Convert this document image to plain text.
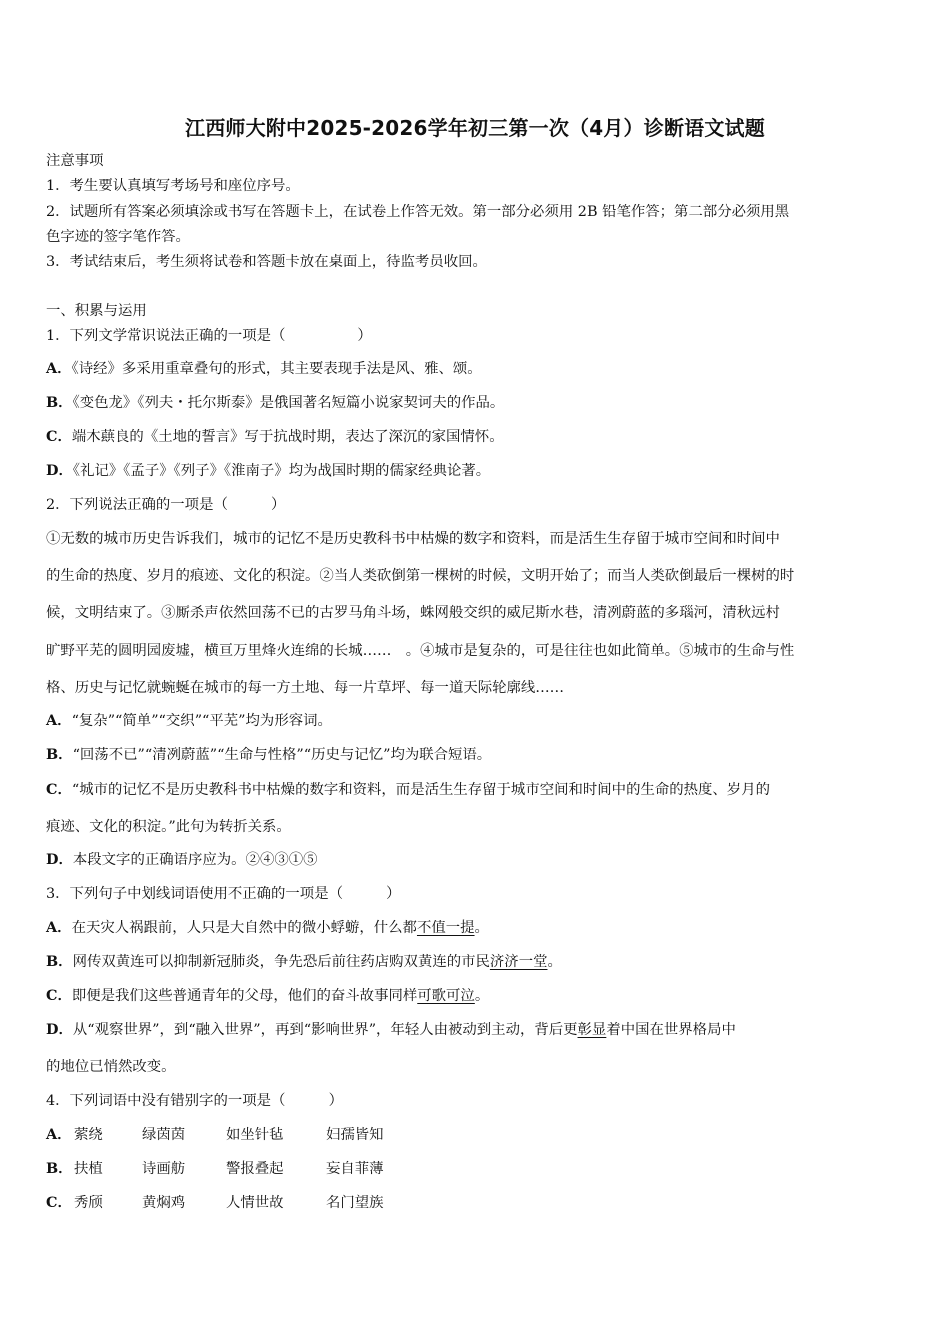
江西师大附中2025-2026学年初三第一次（4月）诊断语文试题
注意事项
1．考生要认真填写考场号和座位序号。
2．试题所有答案必须填涂或书写在答题卡上，在试卷上作答无效。第一部分必须用 2B 铅笔作答；第二部分必须用黑
色字迹的签字笔作答。
3．考试结束后，考生须将试卷和答题卡放在桌面上，待监考员收回。
一、积累与运用
1．下列文学常识说法正确的一项是（　　　　　）
A．《诗经》多采用重章叠句的形式，其主要表现手法是风、雅、颂。
B．《变色龙》《列夫・托尔斯泰》是俄国著名短篇小说家契诃夫的作品。
C．端木蕻良的《土地的誓言》写于抗战时期，表达了深沉的家国情怀。
D．《礼记》《孟子》《列子》《淮南子》均为战国时期的儒家经典论著。
2．下列说法正确的一项是（　　　）
①无数的城市历史告诉我们，城市的记忆不是历史教科书中枯燥的数字和资料，而是活生生存留于城市空间和时间中
的生命的热度、岁月的痕迹、文化的积淀。②当人类砍倒第一棵树的时候，文明开始了；而当人类砍倒最后一棵树的时
候，文明结束了。③厮杀声依然回荡不已的古罗马角斗场，蛛网般交织的威尼斯水巷，清冽蔚蓝的多瑙河，清秋远村
旷野平芜的圆明园废墟，横亘万里烽火连绵的长城……　。④城市是复杂的，可是往往也如此简单。⑤城市的生命与性
格、历史与记忆就蜿蜒在城市的每一方土地、每一片草坪、每一道天际轮廓线……
A．“复杂”“简单”“交织”“平芜”均为形容词。
B．“回荡不已”“清冽蔚蓝”“生命与性格”“历史与记忆”均为联合短语。
C．“城市的记忆不是历史教科书中枯燥的数字和资料，而是活生生存留于城市空间和时间中的生命的热度、岁月的
痕迹、文化的积淀。”此句为转折关系。
D．本段文字的正确语序应为。②④③①⑤
3．下列句子中划线词语使用不正确的一项是（　　　）
A．在天灾人祸跟前，人只是大自然中的微小蜉蝣，什么都不值一提。
B．网传双黄连可以抑制新冠肺炎，争先恐后前往药店购双黄连的市民济济一堂。
C．即便是我们这些普通青年的父母，他们的奋斗故事同样可歌可泣。
D．从“观察世界”，到“融入世界”，再到“影响世界”，年轻人由被动到主动，背后更彰显着中国在世界格局中
的地位已悄然改变。
4．下列词语中没有错别字的一项是（　　　）
A． 萦绕	绿茵茵	如坐针毡	妇孺皆知
B．扶植	诗画舫	警报叠起	妄自菲薄
C． 秀颀	黄焖鸡	人情世故	名门望族
